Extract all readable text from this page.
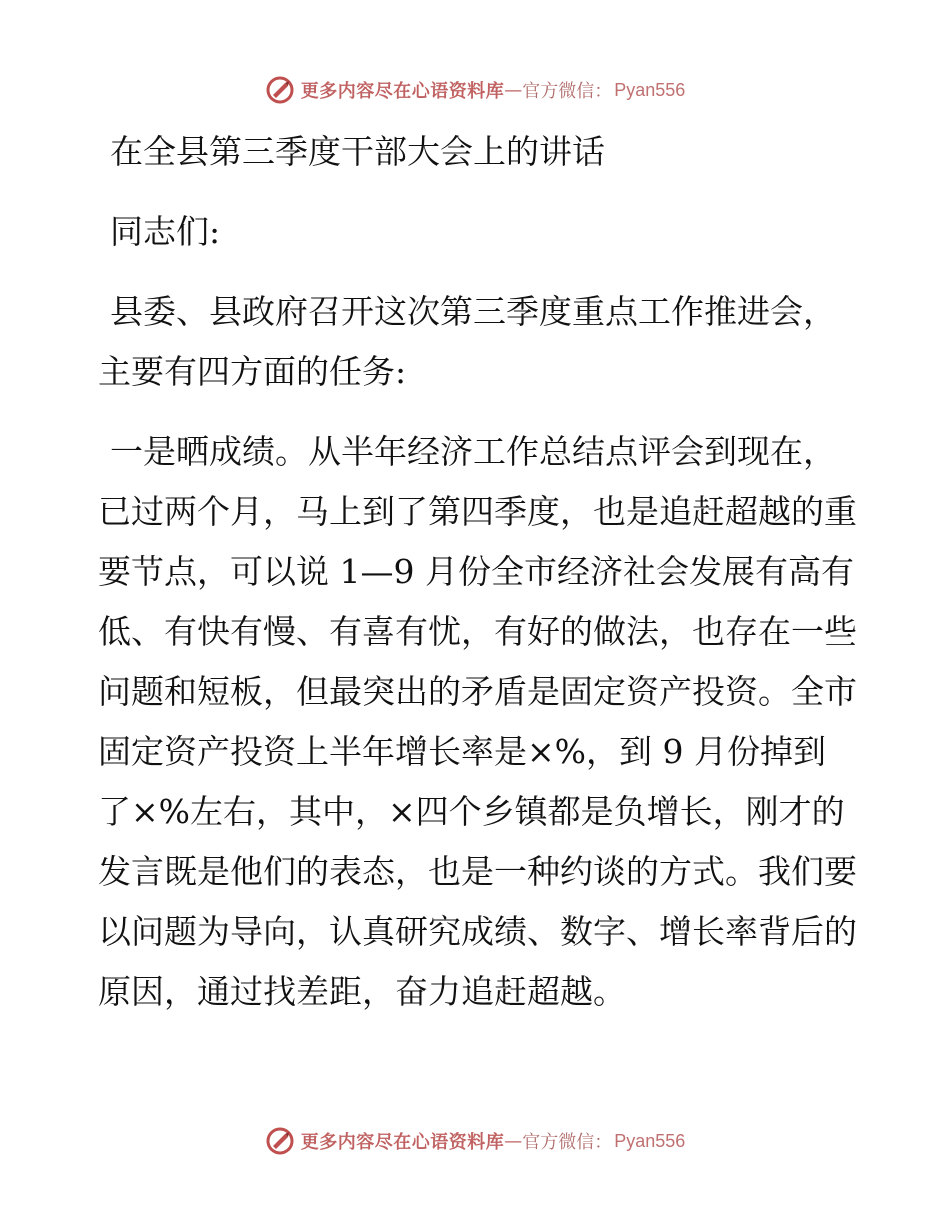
更多内容尽在心语资料库 — 官方微信 ： Pyan556

在全县第三季度干部大会上的讲话

同志们:

县委、县政府召开这次第三季度重点工作推进会，主要有四方面的任务:

一是晒成绩。从半年经济工作总结点评会到现在，已过两个月，马上到了第四季度，也是追赶超越的重要节点，可以说 1—9 月份全市经济社会发展有高有低、有快有慢、有喜有忧，有好的做法，也存在一些问题和短板，但最突出的矛盾是固定资产投资。全市固定资产投资上半年增长率是×%，到 9 月份掉到了×%左右，其中，×四个乡镇都是负增长，刚才的发言既是他们的表态，也是一种约谈的方式。我们要以问题为导向，认真研究成绩、数字、增长率背后的原因，通过找差距，奋力追赶超越。

更多内容尽在心语资料库 — 官方微信 ： Pyan556
